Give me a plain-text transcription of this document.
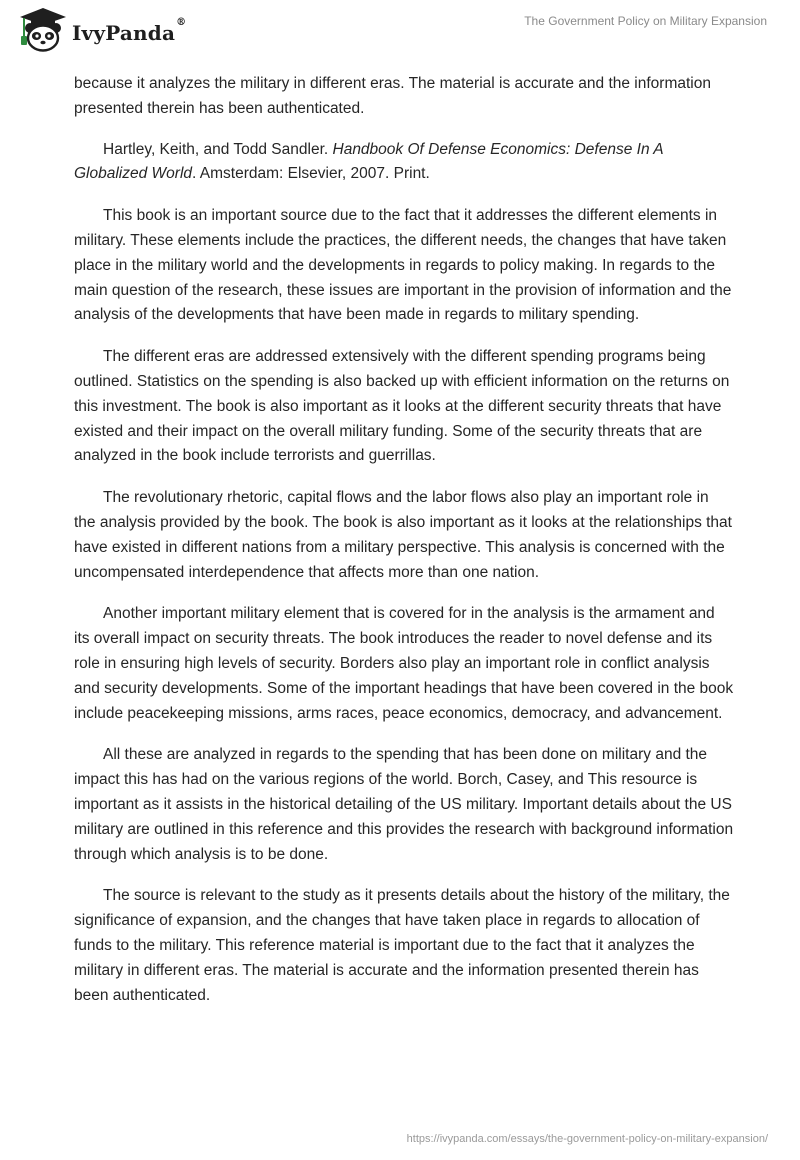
IvyPanda®	The Government Policy on Military Expansion

because it analyzes the military in different eras. The material is accurate and the information presented therein has been authenticated.

Hartley, Keith, and Todd Sandler. Handbook Of Defense Economics: Defense In A Globalized World. Amsterdam: Elsevier, 2007. Print.

This book is an important source due to the fact that it addresses the different elements in military. These elements include the practices, the different needs, the changes that have taken place in the military world and the developments in regards to policy making. In regards to the main question of the research, these issues are important in the provision of information and the analysis of the developments that have been made in regards to military spending.

The different eras are addressed extensively with the different spending programs being outlined. Statistics on the spending is also backed up with efficient information on the returns on this investment. The book is also important as it looks at the different security threats that have existed and their impact on the overall military funding. Some of the security threats that are analyzed in the book include terrorists and guerrillas.

The revolutionary rhetoric, capital flows and the labor flows also play an important role in the analysis provided by the book. The book is also important as it looks at the relationships that have existed in different nations from a military perspective. This analysis is concerned with the uncompensated interdependence that affects more than one nation.

Another important military element that is covered for in the analysis is the armament and its overall impact on security threats. The book introduces the reader to novel defense and its role in ensuring high levels of security. Borders also play an important role in conflict analysis and security developments. Some of the important headings that have been covered in the book include peacekeeping missions, arms races, peace economics, democracy, and advancement.

All these are analyzed in regards to the spending that has been done on military and the impact this has had on the various regions of the world. Borch, Casey, and This resource is important as it assists in the historical detailing of the US military. Important details about the US military are outlined in this reference and this provides the research with background information through which analysis is to be done.

The source is relevant to the study as it presents details about the history of the military, the significance of expansion, and the changes that have taken place in regards to allocation of funds to the military. This reference material is important due to the fact that it analyzes the military in different eras. The material is accurate and the information presented therein has been authenticated.

https://ivypanda.com/essays/the-government-policy-on-military-expansion/
